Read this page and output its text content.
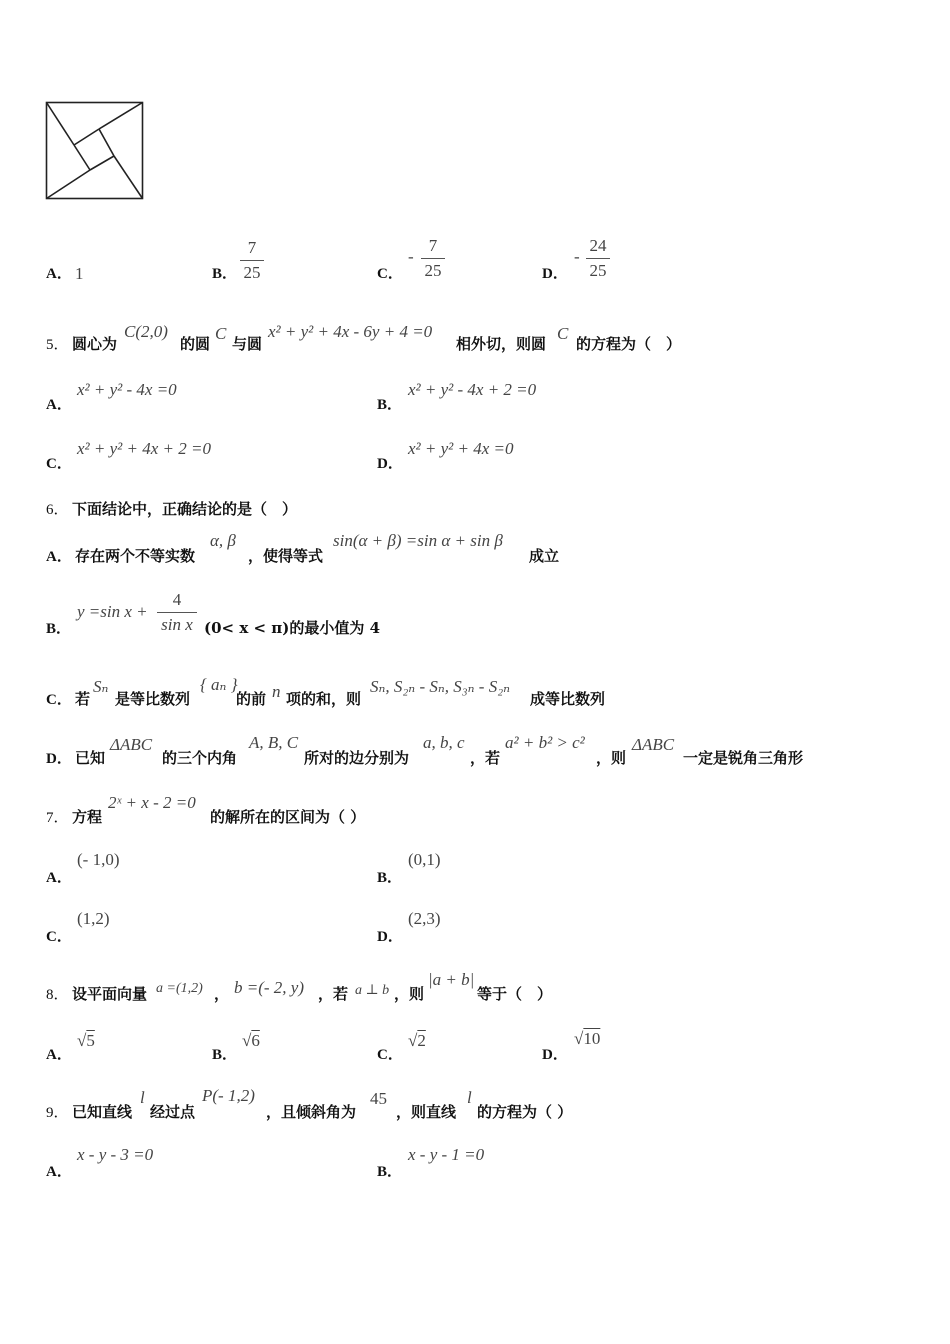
A． 1	B．
7
25	C．
-
7
25	D．
-
24
25
5． 圆心为
C(2,0)
的圆
C
与圆
x² + y² + 4x - 6y + 4 =0
相外切，则圆
C
的方程为（　）
A．
x² + y² - 4x =0
B．
x² + y² - 4x + 2 =0
C．
x² + y² + 4x + 2 =0
D．
x² + y² + 4x =0
6． 下面结论中，正确结论的是（　）
A． 存在两个不等实数
α, β
，使得等式
sin(α + β) =sin α + sin β
成立
B．
y =sin x +
4
sin x (0< x < π)的最小值为 4
C． 若
Sₙ
是等比数列
{ aₙ }
的前 n 项的和，则
Sₙ, S₂ₙ - Sₙ, S₃ₙ - S₂ₙ
成等比数列
D． 已知
ΔABC
的三个内角
A, B, C
所对的边分别为
a, b, c
，若
a² + b² > c²
，则
ΔABC
一定是锐角三角形
7． 方程
2ˣ + x - 2 =0
的解所在的区间为（ ）
A．
(- 1,0)
B．
(0,1)
C．
(1,2)
D．
(2,3)
8． 设平面向量 a =(1,2) ， b =(- 2, y) ，若 a ⊥ b ，则
|a + b|
等于（　）
A．
√5
B．
√6
C．
√2
D．
√10
9． 已知直线
l
经过点
P(- 1,2)
，且倾斜角为
45
，则直线
l
的方程为（ ）
A．
x - y - 3 =0
B．
x - y - 1 =0
